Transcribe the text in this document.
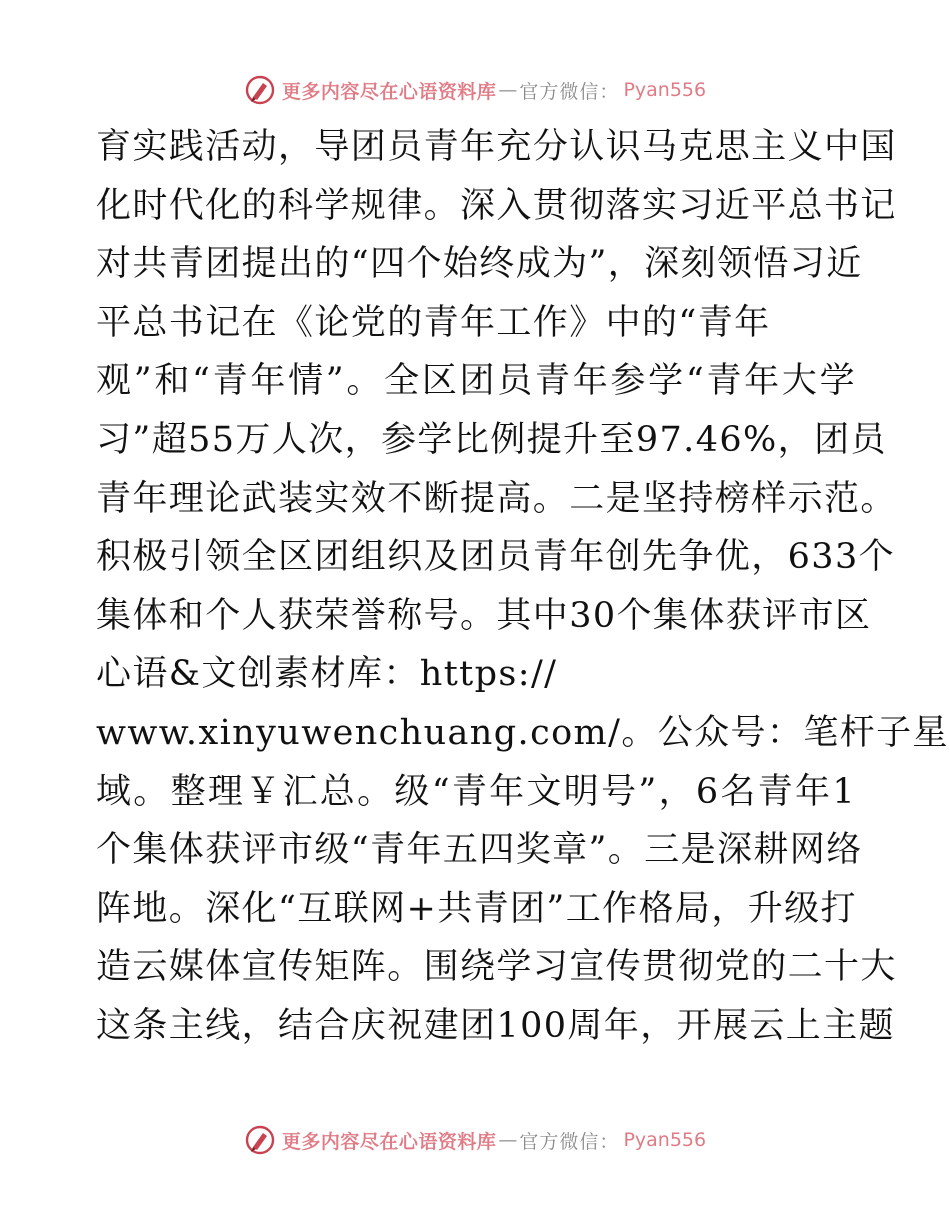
更多内容尽在心语资料库 — 官方微信： Pyan556
育实践活动，导团员青年充分认识马克思主义中国
化时代化的科学规律。深入贯彻落实习近平总书记
对共青团提出的“四个始终成为”，深刻领悟习近
平总书记在《论党的青年工作》中的“青年
观”和“青年情”。全区团员青年参学“青年大学
习”超55万人次，参学比例提升至97.46%，团员
青年理论武装实效不断提高。二是坚持榜样示范。
积极引领全区团组织及团员青年创先争优，633个
集体和个人获荣誉称号。其中30个集体获评市区
心语&文创素材库：https://
www.xinyuwenchuang.com/。公众号：笔杆子星
域。整理￥汇总。级“青年文明号”，6名青年1
个集体获评市级“青年五四奖章”。三是深耕网络
阵地。深化“互联网+共青团”工作格局，升级打
造云媒体宣传矩阵。围绕学习宣传贯彻党的二十大
这条主线，结合庆祝建团100周年，开展云上主题
更多内容尽在心语资料库 — 官方微信： Pyan556
